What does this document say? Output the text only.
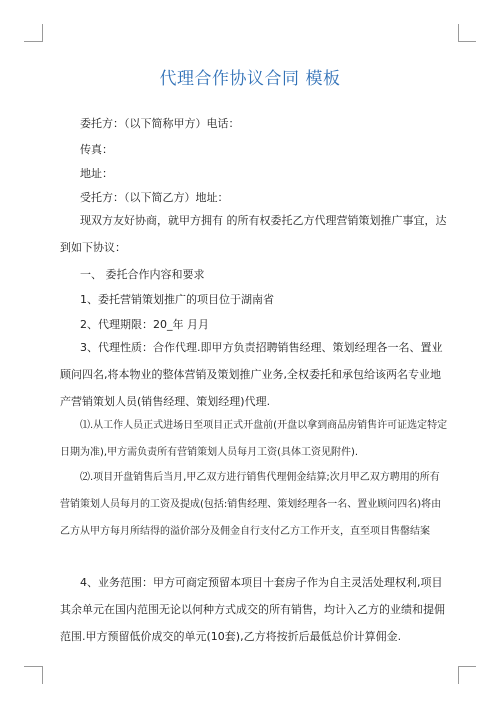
代理合作协议合同 模板
委托方：（以下简称甲方）电话：
传真：
地址：
受托方：（以下简乙方）地址：
现双方友好协商，就甲方拥有 的所有权委托乙方代理营销策划推广事宜，达到如下协议：
一、 委托合作内容和要求
1、委托营销策划推广的项目位于湖南省
2、代理期限：20_年 月月
3、代理性质：合作代理.即甲方负责招聘销售经理、策划经理各一名、置业顾问四名,将本物业的整体营销及策划推广业务,全权委托和承包给该两名专业地产营销策划人员(销售经理、策划经理)代理.
⑴.从工作人员正式进场日至项目正式开盘前(开盘以拿到商品房销售许可证选定特定日期为准),甲方需负责所有营销策划人员每月工资(具体工资见附件).
⑵.项目开盘销售后当月,甲乙双方进行销售代理佣金结算;次月甲乙双方聘用的所有营销策划人员每月的工资及提成(包括:销售经理、策划经理各一名、置业顾问四名)将由乙方从甲方每月所结得的溢价部分及佣金自行支付乙方工作开支，直至项目售罄结案
4、业务范围：甲方可商定预留本项目十套房子作为自主灵活处理权利,项目其余单元在国内范围无论以何种方式成交的所有销售，均计入乙方的业绩和提佣范围.甲方预留低价成交的单元(10套),乙方将按折后最低总价计算佣金.
